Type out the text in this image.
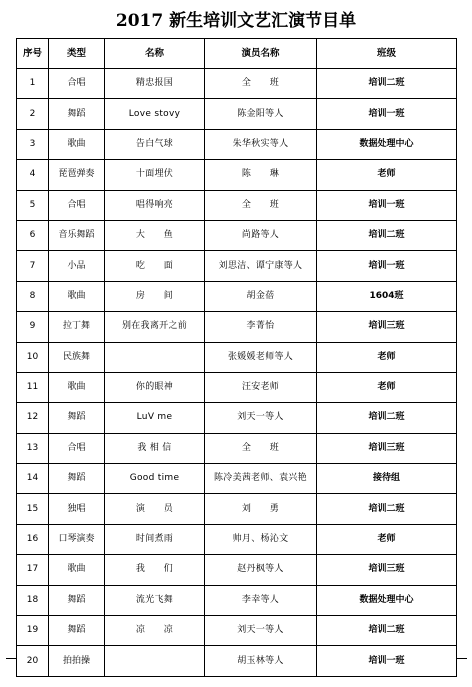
2017 新生培训文艺汇演节目单
序号	类型	名称	演员名称	班级
1	合唱	精忠报国	全　　班	培训二班
2	舞蹈	Love stovy	陈金阳等人	培训一班
3	歌曲	告白气球	朱华秋实等人	数据处理中心
4	琵琶弹奏	十面埋伏	陈　　琳	老师
5	合唱	唱得响亮	全　　班	培训一班
6	音乐舞蹈	大　　鱼	尚路等人	培训二班
7	小品	吃　　面	刘思洁、谭宁康等人	培训一班
8	歌曲	房　　间	胡金蓓	1604班
9	拉丁舞	别在我离开之前	李菁怡	培训三班
10	民族舞		张媛媛老师等人	老师
11	歌曲	你的眼神	汪安老师	老师
12	舞蹈	LuV me	刘天一等人	培训二班
13	合唱	我 相 信	全　　班	培训三班
14	舞蹈	Good time	陈冷美茜老师、袁兴艳	接待组
15	独唱	演　　员	刘　　勇	培训二班
16	口琴演奏	时间煮雨	帅月、杨沁文	老师
17	歌曲	我　　们	赵丹枫等人	培训三班
18	舞蹈	流光飞舞	李幸等人	数据处理中心
19	舞蹈	凉　　凉	刘天一等人	培训二班
20	拍拍操		胡玉林等人	培训一班
